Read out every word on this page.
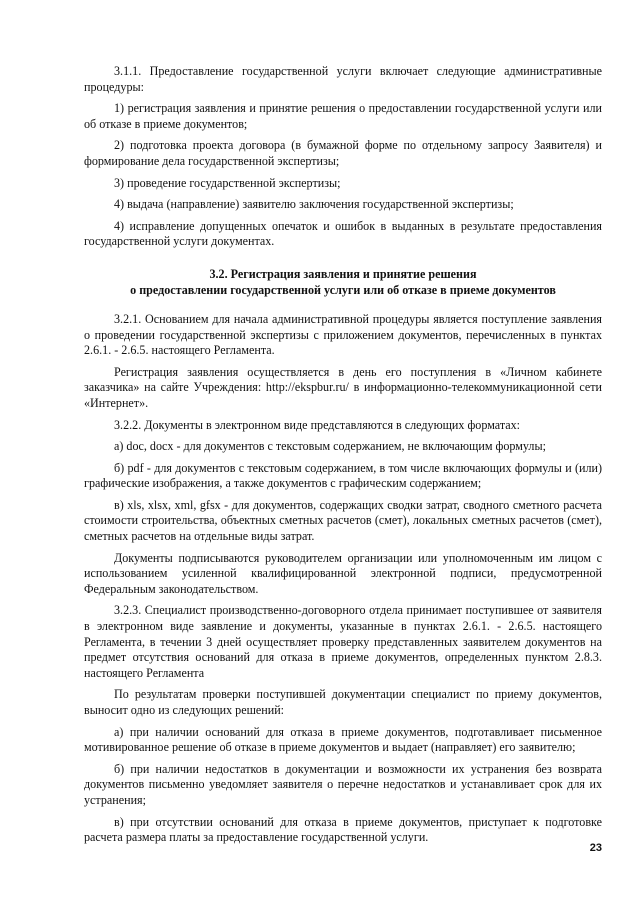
3.1.1. Предоставление государственной услуги включает следующие административные процедуры:

1) регистрация заявления и принятие решения о предоставлении государственной услуги или об отказе в приеме документов;

2) подготовка проекта договора (в бумажной форме по отдельному запросу Заявителя) и формирование дела государственной экспертизы;

3) проведение государственной экспертизы;

4) выдача (направление) заявителю заключения государственной экспертизы;

4) исправление допущенных опечаток и ошибок в выданных в результате предоставления государственной услуги документах.

3.2. Регистрация заявления и принятие решения
о предоставлении государственной услуги или об отказе в приеме документов

3.2.1. Основанием для начала административной процедуры является поступление заявления о проведении государственной экспертизы с приложением документов, перечисленных в пунктах 2.6.1. - 2.6.5. настоящего Регламента.

Регистрация заявления осуществляется в день его поступления в «Личном кабинете заказчика» на сайте Учреждения: http://ekspbur.ru/ в информационно-телекоммуникационной сети «Интернет».

3.2.2. Документы в электронном виде представляются в следующих форматах:

а) doc, docx - для документов с текстовым содержанием, не включающим формулы;

б) pdf - для документов с текстовым содержанием, в том числе включающих формулы и (или) графические изображения, а также документов с графическим содержанием;

в) xls, xlsx, xml, gfsx - для документов, содержащих сводки затрат, сводного сметного расчета стоимости строительства, объектных сметных расчетов (смет), локальных сметных расчетов (смет), сметных расчетов на отдельные виды затрат.

Документы подписываются руководителем организации или уполномоченным им лицом с использованием усиленной квалифицированной электронной подписи, предусмотренной Федеральным законодательством.

3.2.3. Специалист производственно-договорного отдела принимает поступившее от заявителя в электронном виде заявление и документы, указанные в пунктах 2.6.1. - 2.6.5. настоящего Регламента, в течении 3 дней осуществляет проверку представленных заявителем документов на предмет отсутствия оснований для отказа в приеме документов, определенных пунктом 2.8.3. настоящего Регламента

По результатам проверки поступившей документации специалист по приему документов, выносит одно из следующих решений:

а) при наличии оснований для отказа в приеме документов, подготавливает письменное мотивированное решение об отказе в приеме документов и выдает (направляет) его заявителю;

б) при наличии недостатков в документации и возможности их устранения без возврата документов письменно уведомляет заявителя о перечне недостатков и устанавливает срок для их устранения;

в) при отсутствии оснований для отказа в приеме документов, приступает к подготовке расчета размера платы за предоставление государственной услуги.

23
